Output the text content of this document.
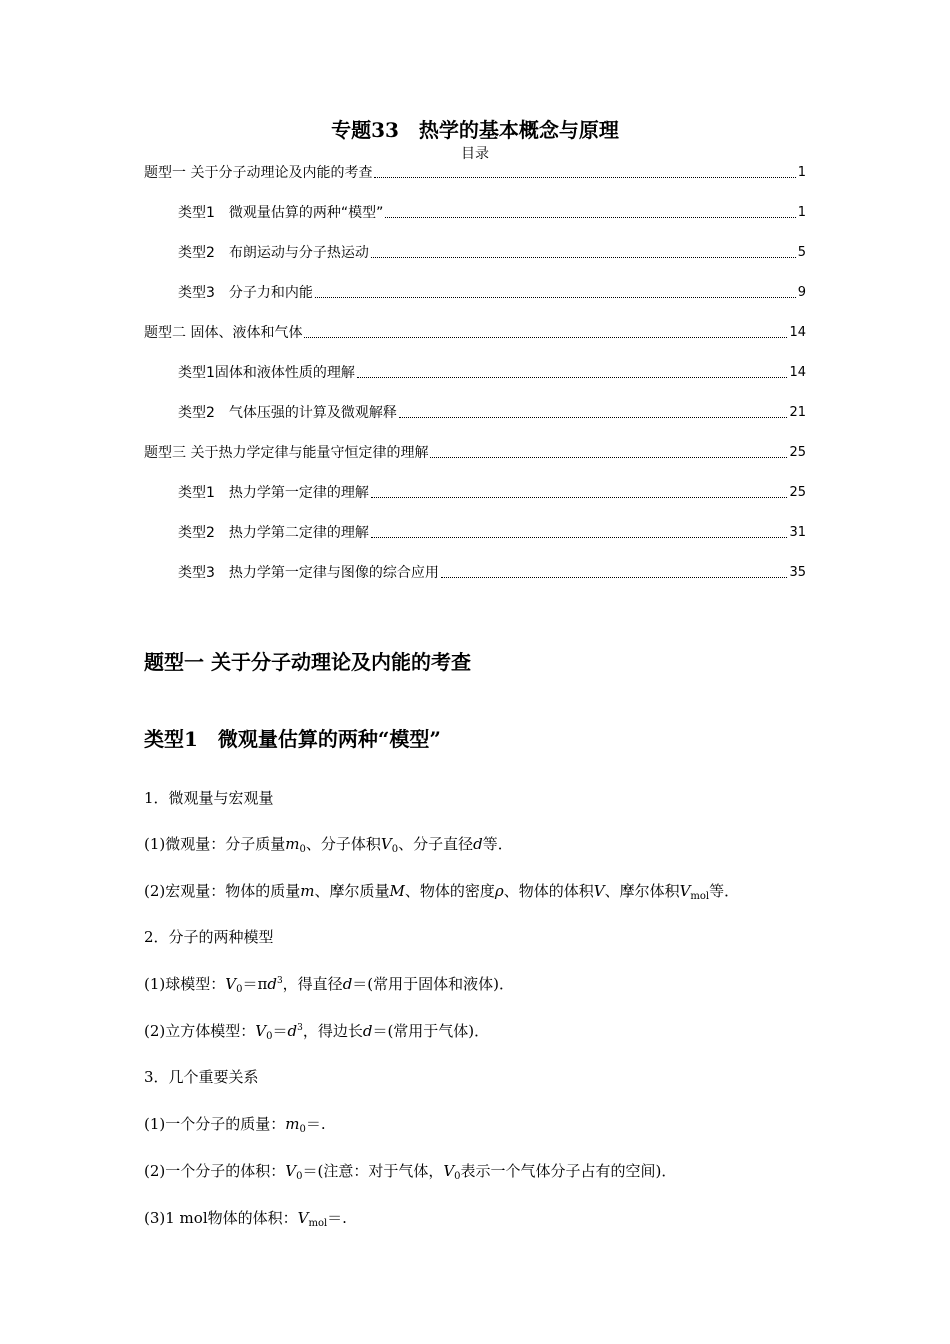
专题33　热学的基本概念与原理
目录
题型一 关于分子动理论及内能的考查	1
类型1　微观量估算的两种“模型”	1
类型2　布朗运动与分子热运动	5
类型3　分子力和内能	9
题型二 固体、液体和气体	14
类型1固体和液体性质的理解	14
类型2　气体压强的计算及微观解释	21
题型三 关于热力学定律与能量守恒定律的理解	25
类型1　热力学第一定律的理解	25
类型2　热力学第二定律的理解	31
类型3　热力学第一定律与图像的综合应用	35
题型一 关于分子动理论及内能的考查
类型1　微观量估算的两种“模型”
1．微观量与宏观量
(1)微观量：分子质量$m_0$、分子体积$V_0$、分子直径d等．
(2)宏观量：物体的质量m、摩尔质量M、物体的密度ρ、物体的体积V、摩尔体积$V_{mol}$等．
2．分子的两种模型
(1)球模型：$V_0=\pi d^3$，得直径d＝(常用于固体和液体)．
(2)立方体模型：$V_0=d^3$，得边长d＝(常用于气体)．
3．几个重要关系
(1)一个分子的质量：$m_0=$.
(2)一个分子的体积：$V_0=$(注意：对于气体，$V_0$表示一个气体分子占有的空间)．
(3)1 mol物体的体积：$V_{mol}=$.
